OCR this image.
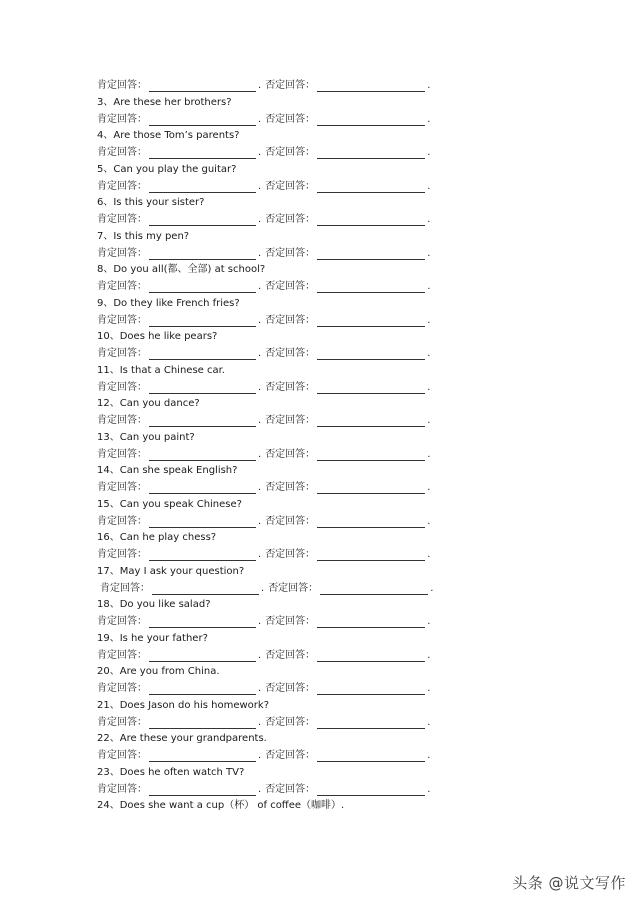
肯定回答：	. 否定回答：	.
3、Are these her brothers?
肯定回答：	. 否定回答：	.
4、Are those Tom’s parents?
肯定回答：	. 否定回答：	.
5、Can you play the guitar?
肯定回答：	. 否定回答：	.
6、Is this your sister?
肯定回答：	. 否定回答：	.
7、Is this my pen?
肯定回答：	. 否定回答：	.
8、Do you all(都、全部) at school?
肯定回答：	. 否定回答：	.
9、Do they like French fries?
肯定回答：	. 否定回答：	.
10、Does he like pears?
肯定回答：	. 否定回答：	.
11、Is that a Chinese car.
肯定回答：	. 否定回答：	.
12、Can you dance?
肯定回答：	. 否定回答：	.
13、Can you paint?
肯定回答：	. 否定回答：	.
14、Can she speak English?
肯定回答：	. 否定回答：	.
15、Can you speak Chinese?
肯定回答：	. 否定回答：	.
16、Can he play chess?
肯定回答：	. 否定回答：	.
17、May I ask your question?
肯定回答：	. 否定回答：	.
18、Do you like salad?
肯定回答：	. 否定回答：	.
19、Is he your father?
肯定回答：	. 否定回答：	.
20、Are you from China.
肯定回答：	. 否定回答：	.
21、Does Jason do his homework?
肯定回答：	. 否定回答：	.
22、Are these your grandparents.
肯定回答：	. 否定回答：	.
23、Does he often watch TV?
肯定回答：	. 否定回答：	.
24、Does she want a cup（杯） of coffee（咖啡）.
头条 @说文写作
